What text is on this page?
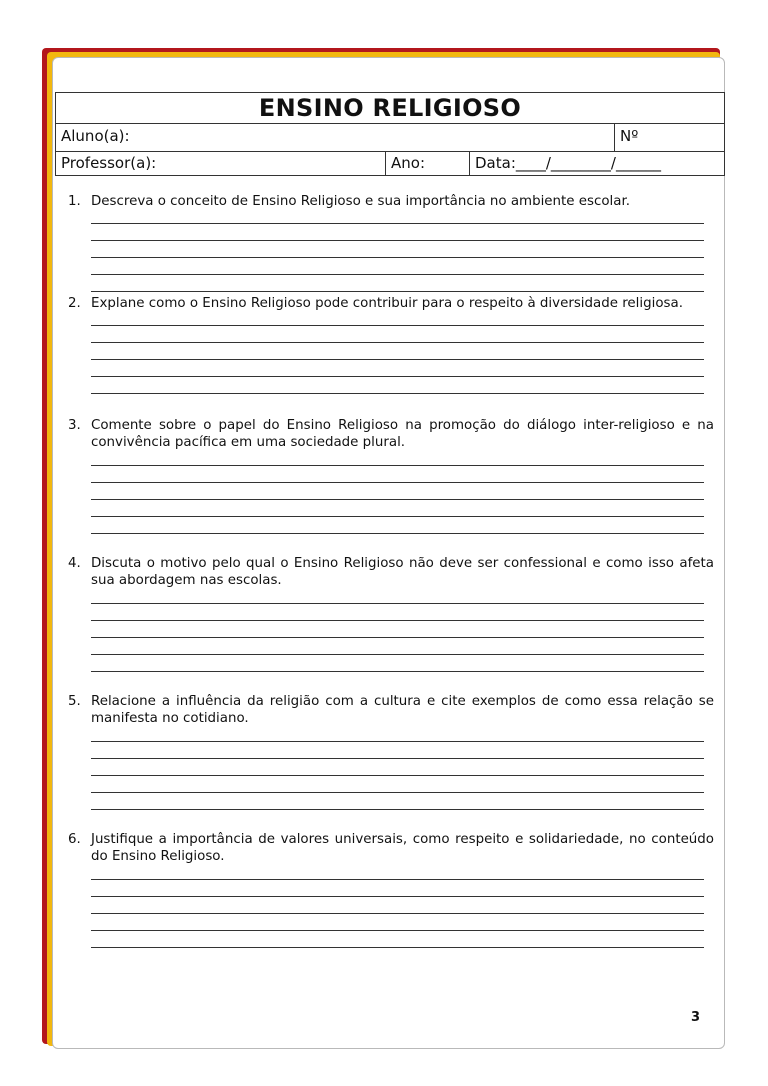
ENSINO RELIGIOSO
Aluno(a):	Nº
Professor(a):	Ano:	Data:____/________/______
1. Descreva o conceito de Ensino Religioso e sua importância no ambiente escolar.
2. Explane como o Ensino Religioso pode contribuir para o respeito à diversidade religiosa.
3. Comente sobre o papel do Ensino Religioso na promoção do diálogo inter-religioso e na convivência pacífica em uma sociedade plural.
4. Discuta o motivo pelo qual o Ensino Religioso não deve ser confessional e como isso afeta sua abordagem nas escolas.
5. Relacione a influência da religião com a cultura e cite exemplos de como essa relação se manifesta no cotidiano.
6. Justifique a importância de valores universais, como respeito e solidariedade, no conteúdo do Ensino Religioso.
3
